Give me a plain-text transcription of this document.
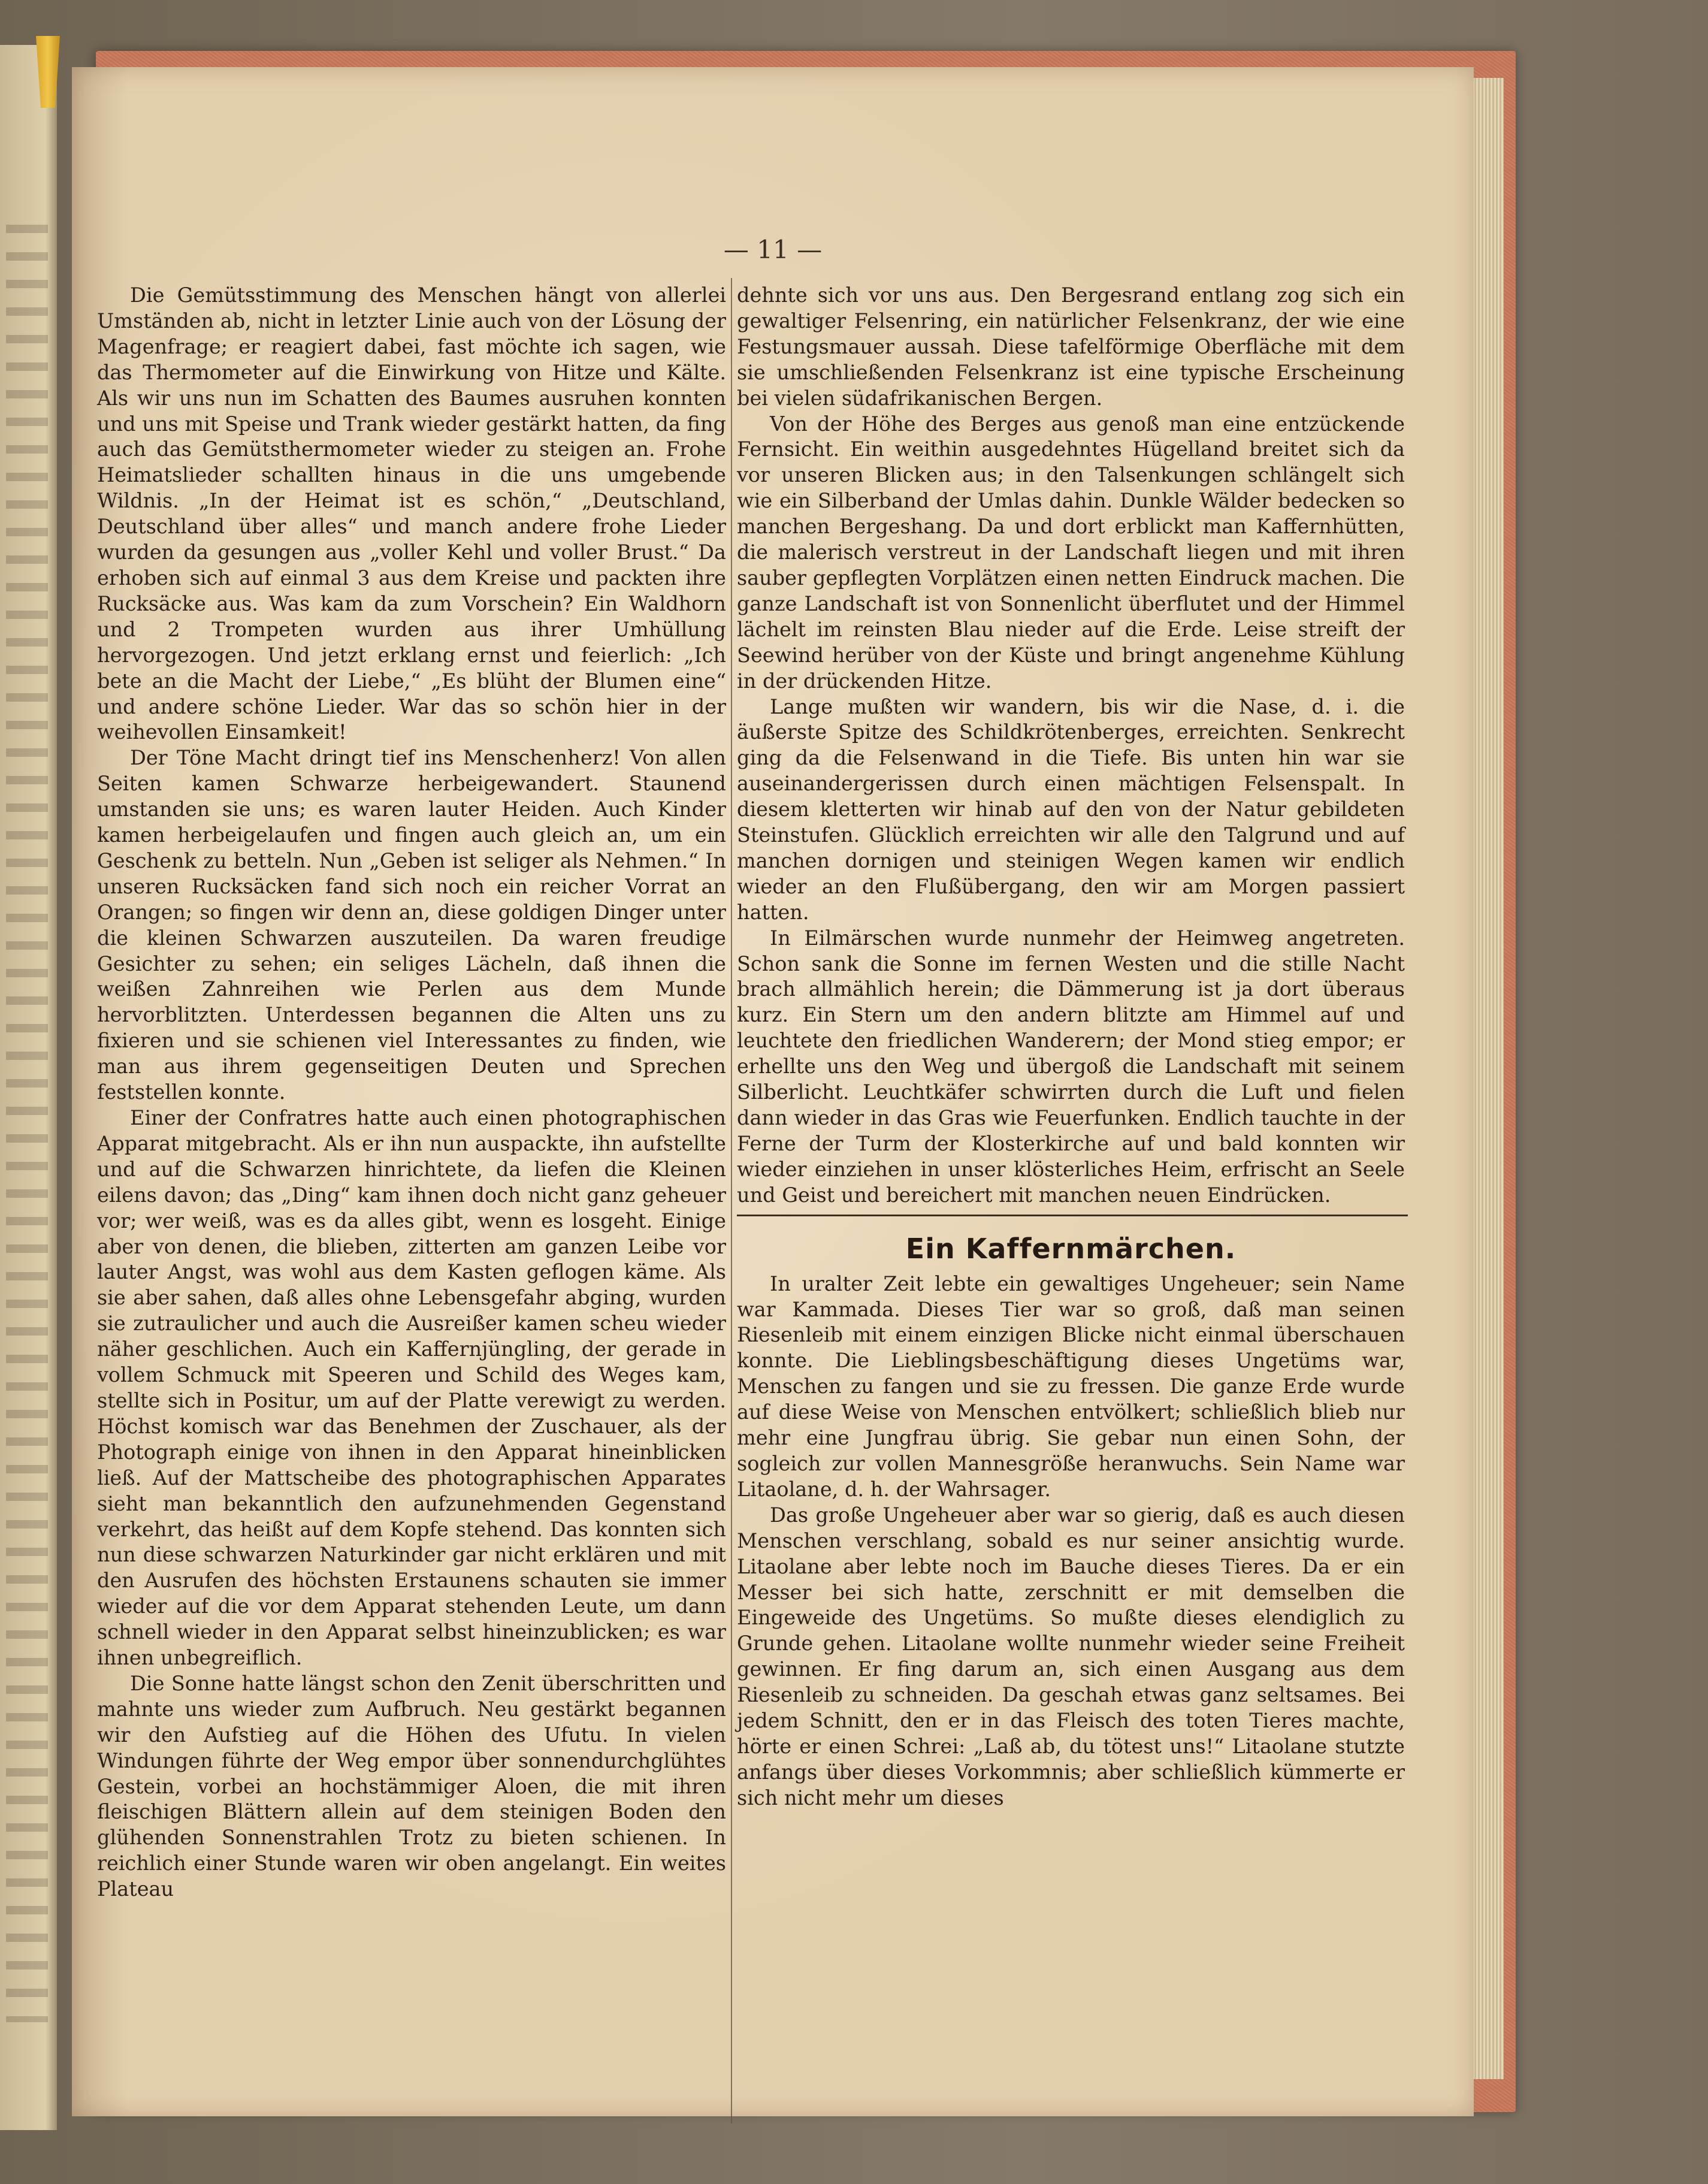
— 11 —

Die Gemütsstimmung des Menschen hängt von allerlei Umständen ab, nicht in letzter Linie auch von der Lösung der Magenfrage; er reagiert dabei, fast möchte ich sagen, wie das Thermometer auf die Einwirkung von Hitze und Kälte. Als wir uns nun im Schatten des Baumes ausruhen konnten und uns mit Speise und Trank wieder gestärkt hatten, da fing auch das Gemütsthermometer wieder zu steigen an. Frohe Heimatslieder schallten hinaus in die uns umgebende Wildnis. „In der Heimat ist es schön,“ „Deutschland, Deutschland über alles“ und manch andere frohe Lieder wurden da gesungen aus „voller Kehl und voller Brust.“ Da erhoben sich auf einmal 3 aus dem Kreise und packten ihre Rucksäcke aus. Was kam da zum Vorschein? Ein Waldhorn und 2 Trompeten wurden aus ihrer Umhüllung hervorgezogen. Und jetzt erklang ernst und feierlich: „Ich bete an die Macht der Liebe,“ „Es blüht der Blumen eine“ und andere schöne Lieder. War das so schön hier in der weihevollen Einsamkeit!

Der Töne Macht dringt tief ins Menschenherz! Von allen Seiten kamen Schwarze herbeigewandert. Staunend umstanden sie uns; es waren lauter Heiden. Auch Kinder kamen herbeigelaufen und fingen auch gleich an, um ein Geschenk zu betteln. Nun „Geben ist seliger als Nehmen.“ In unseren Rucksäcken fand sich noch ein reicher Vorrat an Orangen; so fingen wir denn an, diese goldigen Dinger unter die kleinen Schwarzen auszuteilen. Da waren freudige Gesichter zu sehen; ein seliges Lächeln, daß ihnen die weißen Zahnreihen wie Perlen aus dem Munde hervorblitzten. Unterdessen begannen die Alten uns zu fixieren und sie schienen viel Interessantes zu finden, wie man aus ihrem gegenseitigen Deuten und Sprechen feststellen konnte.

Einer der Confratres hatte auch einen photographischen Apparat mitgebracht. Als er ihn nun auspackte, ihn aufstellte und auf die Schwarzen hinrichtete, da liefen die Kleinen eilens davon; das „Ding“ kam ihnen doch nicht ganz geheuer vor; wer weiß, was es da alles gibt, wenn es losgeht. Einige aber von denen, die blieben, zitterten am ganzen Leibe vor lauter Angst, was wohl aus dem Kasten geflogen käme. Als sie aber sahen, daß alles ohne Lebensgefahr abging, wurden sie zutraulicher und auch die Ausreißer kamen scheu wieder näher geschlichen. Auch ein Kaffernjüngling, der gerade in vollem Schmuck mit Speeren und Schild des Weges kam, stellte sich in Positur, um auf der Platte verewigt zu werden. Höchst komisch war das Benehmen der Zuschauer, als der Photograph einige von ihnen in den Apparat hineinblicken ließ. Auf der Mattscheibe des photographischen Apparates sieht man bekanntlich den aufzunehmenden Gegenstand verkehrt, das heißt auf dem Kopfe stehend. Das konnten sich nun diese schwarzen Naturkinder gar nicht erklären und mit den Ausrufen des höchsten Erstaunens schauten sie immer wieder auf die vor dem Apparat stehenden Leute, um dann schnell wieder in den Apparat selbst hineinzublicken; es war ihnen unbegreiflich.

Die Sonne hatte längst schon den Zenit überschritten und mahnte uns wieder zum Aufbruch. Neu gestärkt begannen wir den Aufstieg auf die Höhen des Ufutu. In vielen Windungen führte der Weg empor über sonnendurchglühtes Gestein, vorbei an hochstämmiger Aloen, die mit ihren fleischigen Blättern allein auf dem steinigen Boden den glühenden Sonnenstrahlen Trotz zu bieten schienen. In reichlich einer Stunde waren wir oben angelangt. Ein weites Plateau

dehnte sich vor uns aus. Den Bergesrand entlang zog sich ein gewaltiger Felsenring, ein natürlicher Felsenkranz, der wie eine Festungsmauer aussah. Diese tafelförmige Oberfläche mit dem sie umschließenden Felsenkranz ist eine typische Erscheinung bei vielen südafrikanischen Bergen.

Von der Höhe des Berges aus genoß man eine entzückende Fernsicht. Ein weithin ausgedehntes Hügelland breitet sich da vor unseren Blicken aus; in den Talsenkungen schlängelt sich wie ein Silberband der Umlas dahin. Dunkle Wälder bedecken so manchen Bergeshang. Da und dort erblickt man Kaffernhütten, die malerisch verstreut in der Landschaft liegen und mit ihren sauber gepflegten Vorplätzen einen netten Eindruck machen. Die ganze Landschaft ist von Sonnenlicht überflutet und der Himmel lächelt im reinsten Blau nieder auf die Erde. Leise streift der Seewind herüber von der Küste und bringt angenehme Kühlung in der drückenden Hitze.

Lange mußten wir wandern, bis wir die Nase, d. i. die äußerste Spitze des Schildkrötenberges, erreichten. Senkrecht ging da die Felsenwand in die Tiefe. Bis unten hin war sie auseinandergerissen durch einen mächtigen Felsenspalt. In diesem kletterten wir hinab auf den von der Natur gebildeten Steinstufen. Glücklich erreichten wir alle den Talgrund und auf manchen dornigen und steinigen Wegen kamen wir endlich wieder an den Flußübergang, den wir am Morgen passiert hatten.

In Eilmärschen wurde nunmehr der Heimweg angetreten. Schon sank die Sonne im fernen Westen und die stille Nacht brach allmählich herein; die Dämmerung ist ja dort überaus kurz. Ein Stern um den andern blitzte am Himmel auf und leuchtete den friedlichen Wanderern; der Mond stieg empor; er erhellte uns den Weg und übergoß die Landschaft mit seinem Silberlicht. Leuchtkäfer schwirrten durch die Luft und fielen dann wieder in das Gras wie Feuerfunken. Endlich tauchte in der Ferne der Turm der Klosterkirche auf und bald konnten wir wieder einziehen in unser klösterliches Heim, erfrischt an Seele und Geist und bereichert mit manchen neuen Eindrücken.

Ein Kaffernmärchen.

In uralter Zeit lebte ein gewaltiges Ungeheuer; sein Name war Kammada. Dieses Tier war so groß, daß man seinen Riesenleib mit einem einzigen Blicke nicht einmal überschauen konnte. Die Lieblingsbeschäftigung dieses Ungetüms war, Menschen zu fangen und sie zu fressen. Die ganze Erde wurde auf diese Weise von Menschen entvölkert; schließlich blieb nur mehr eine Jungfrau übrig. Sie gebar nun einen Sohn, der sogleich zur vollen Mannesgröße heranwuchs. Sein Name war Litaolane, d. h. der Wahrsager.

Das große Ungeheuer aber war so gierig, daß es auch diesen Menschen verschlang, sobald es nur seiner ansichtig wurde. Litaolane aber lebte noch im Bauche dieses Tieres. Da er ein Messer bei sich hatte, zerschnitt er mit demselben die Eingeweide des Ungetüms. So mußte dieses elendiglich zu Grunde gehen. Litaolane wollte nunmehr wieder seine Freiheit gewinnen. Er fing darum an, sich einen Ausgang aus dem Riesenleib zu schneiden. Da geschah etwas ganz seltsames. Bei jedem Schnitt, den er in das Fleisch des toten Tieres machte, hörte er einen Schrei: „Laß ab, du tötest uns!“ Litaolane stutzte anfangs über dieses Vorkommnis; aber schließlich kümmerte er sich nicht mehr um dieses
